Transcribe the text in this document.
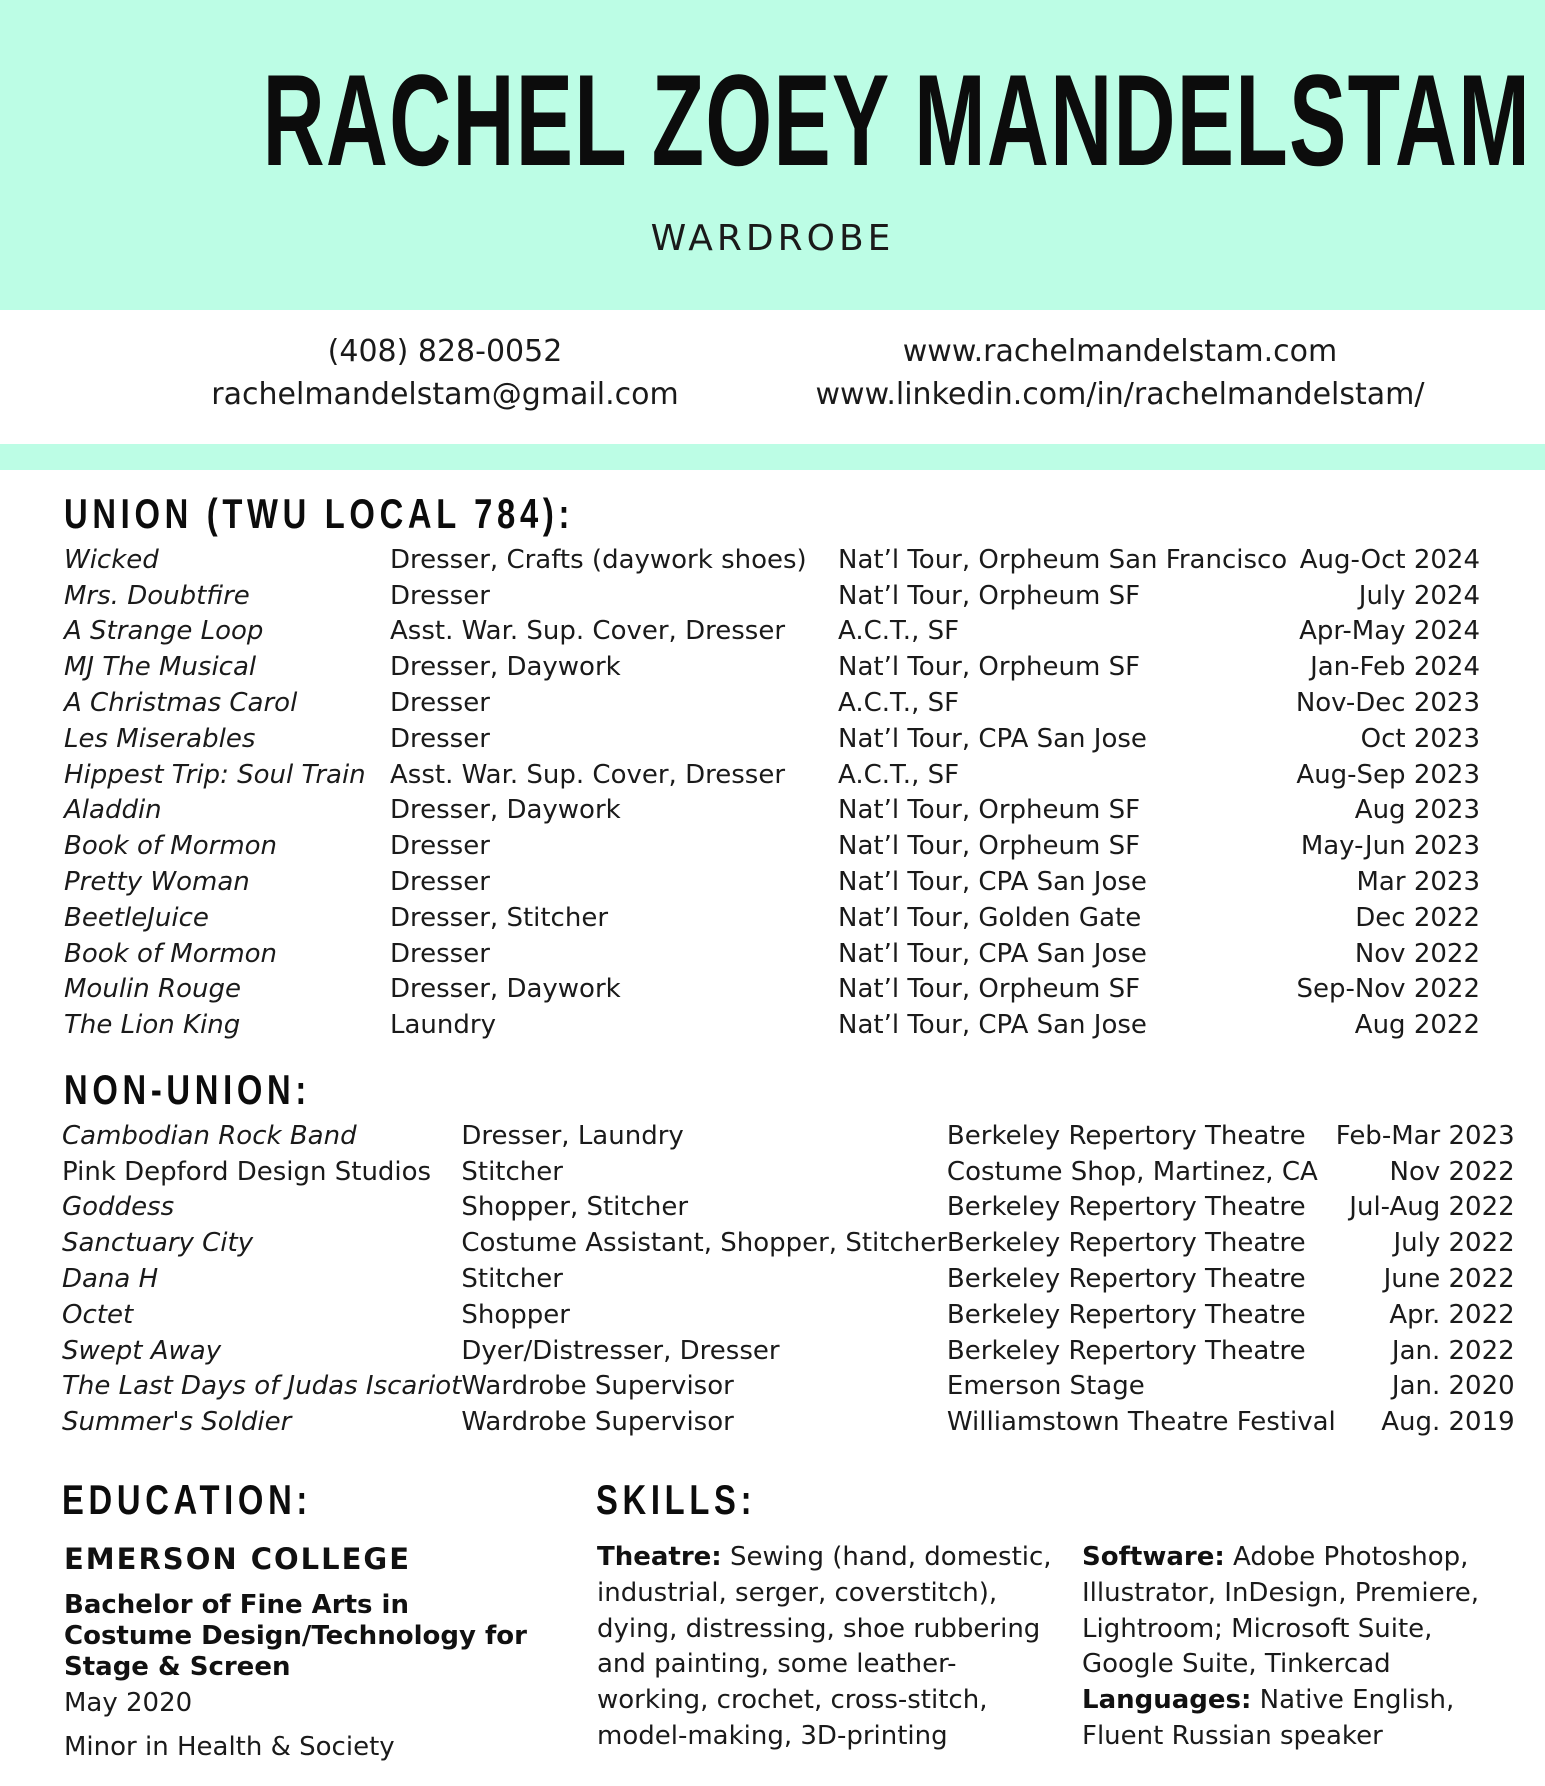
RACHEL ZOEY MANDELSTAM
WARDROBE
(408) 828-0052
rachelmandelstam@gmail.com
www.rachelmandelstam.com
www.linkedin.com/in/rachelmandelstam/
UNION (TWU LOCAL 784):
Wicked	Dresser, Crafts (daywork shoes)	Nat’l Tour, Orpheum San Francisco	Aug-Oct 2024
Mrs. Doubtfire	Dresser	Nat’l Tour, Orpheum SF	July 2024
A Strange Loop	Asst. War. Sup. Cover, Dresser	A.C.T., SF	Apr-May 2024
MJ The Musical	Dresser, Daywork	Nat’l Tour, Orpheum SF	Jan-Feb 2024
A Christmas Carol	Dresser	A.C.T., SF	Nov-Dec 2023
Les Miserables	Dresser	Nat’l Tour, CPA San Jose	Oct 2023
Hippest Trip: Soul Train	Asst. War. Sup. Cover, Dresser	A.C.T., SF	Aug-Sep 2023
Aladdin	Dresser, Daywork	Nat’l Tour, Orpheum SF	Aug 2023
Book of Mormon	Dresser	Nat’l Tour, Orpheum SF	May-Jun 2023
Pretty Woman	Dresser	Nat’l Tour, CPA San Jose	Mar 2023
BeetleJuice	Dresser, Stitcher	Nat’l Tour, Golden Gate	Dec 2022
Book of Mormon	Dresser	Nat’l Tour, CPA San Jose	Nov 2022
Moulin Rouge	Dresser, Daywork	Nat’l Tour, Orpheum SF	Sep-Nov 2022
The Lion King	Laundry	Nat’l Tour, CPA San Jose	Aug 2022
NON-UNION:
Cambodian Rock Band	Dresser, Laundry	Berkeley Repertory Theatre	Feb-Mar 2023
Pink Depford Design Studios	Stitcher	Costume Shop, Martinez, CA	Nov 2022
Goddess	Shopper, Stitcher	Berkeley Repertory Theatre	Jul-Aug 2022
Sanctuary City	Costume Assistant, Shopper, Stitcher	Berkeley Repertory Theatre	July 2022
Dana H	Stitcher	Berkeley Repertory Theatre	June 2022
Octet	Shopper	Berkeley Repertory Theatre	Apr. 2022
Swept Away	Dyer/Distresser, Dresser	Berkeley Repertory Theatre	Jan. 2022
The Last Days of Judas Iscariot	Wardrobe Supervisor	Emerson Stage	Jan. 2020
Summer's Soldier	Wardrobe Supervisor	Williamstown Theatre Festival	Aug. 2019
EDUCATION:
EMERSON COLLEGE
Bachelor of Fine Arts in Costume Design/Technology for Stage & Screen
May 2020
Minor in Health & Society
SKILLS:
Theatre: Sewing (hand, domestic, industrial, serger, coverstitch), dying, distressing, shoe rubbering and painting, some leather-working, crochet, cross-stitch, model-making, 3D-printing
Software: Adobe Photoshop, Illustrator, InDesign, Premiere, Lightroom; Microsoft Suite, Google Suite, Tinkercad
Languages: Native English, Fluent Russian speaker
